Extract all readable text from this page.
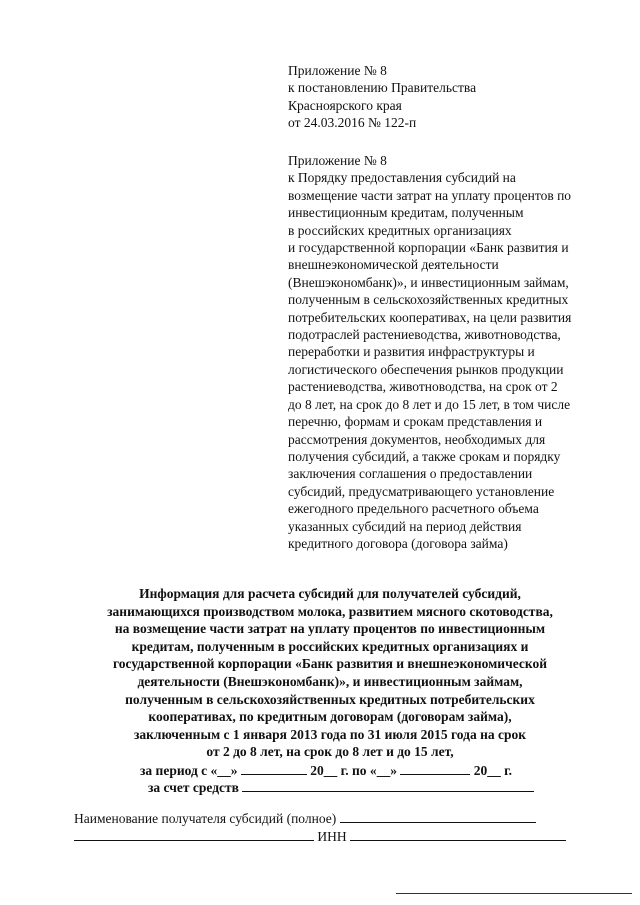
Приложение № 8
к постановлению Правительства
Красноярского края
от 24.03.2016 № 122-п
Приложение № 8
к Порядку предоставления субсидий на
возмещение части затрат на уплату процентов по
инвестиционным кредитам, полученным
в российских кредитных организациях
и государственной корпорации «Банк развития и
внешнеэкономической деятельности
(Внешэкономбанк)», и инвестиционным займам,
полученным в сельскохозяйственных кредитных
потребительских кооперативах, на цели развития
подотраслей растениеводства, животноводства,
переработки и развития инфраструктуры и
логистического обеспечения рынков продукции
растениеводства, животноводства, на срок от 2
до 8 лет, на срок до 8 лет и до 15 лет, в том числе
перечню, формам и срокам представления и
рассмотрения документов, необходимых для
получения субсидий, а также срокам и порядку
заключения соглашения о предоставлении
субсидий, предусматривающего установление
ежегодного предельного расчетного объема
указанных субсидий на период действия
кредитного договора (договора займа)
Информация для расчета субсидий для получателей субсидий,
занимающихся производством молока, развитием мясного скотоводства,
на возмещение части затрат на уплату процентов по инвестиционным
кредитам, полученным в российских кредитных организациях и
государственной корпорации «Банк развития и внешнеэкономической
деятельности (Внешэкономбанк)», и инвестиционным займам,
полученным в сельскохозяйственных кредитных потребительских
кооперативах, по кредитным договорам (договорам займа),
заключенным с 1 января 2013 года по 31 июля 2015 года на срок
от 2 до 8 лет, на срок до 8 лет и до 15 лет,
за период с «__»	20__ г. по «__»	20__ г.
за счет средств
Наименование получателя субсидий (полное)
ИНН
